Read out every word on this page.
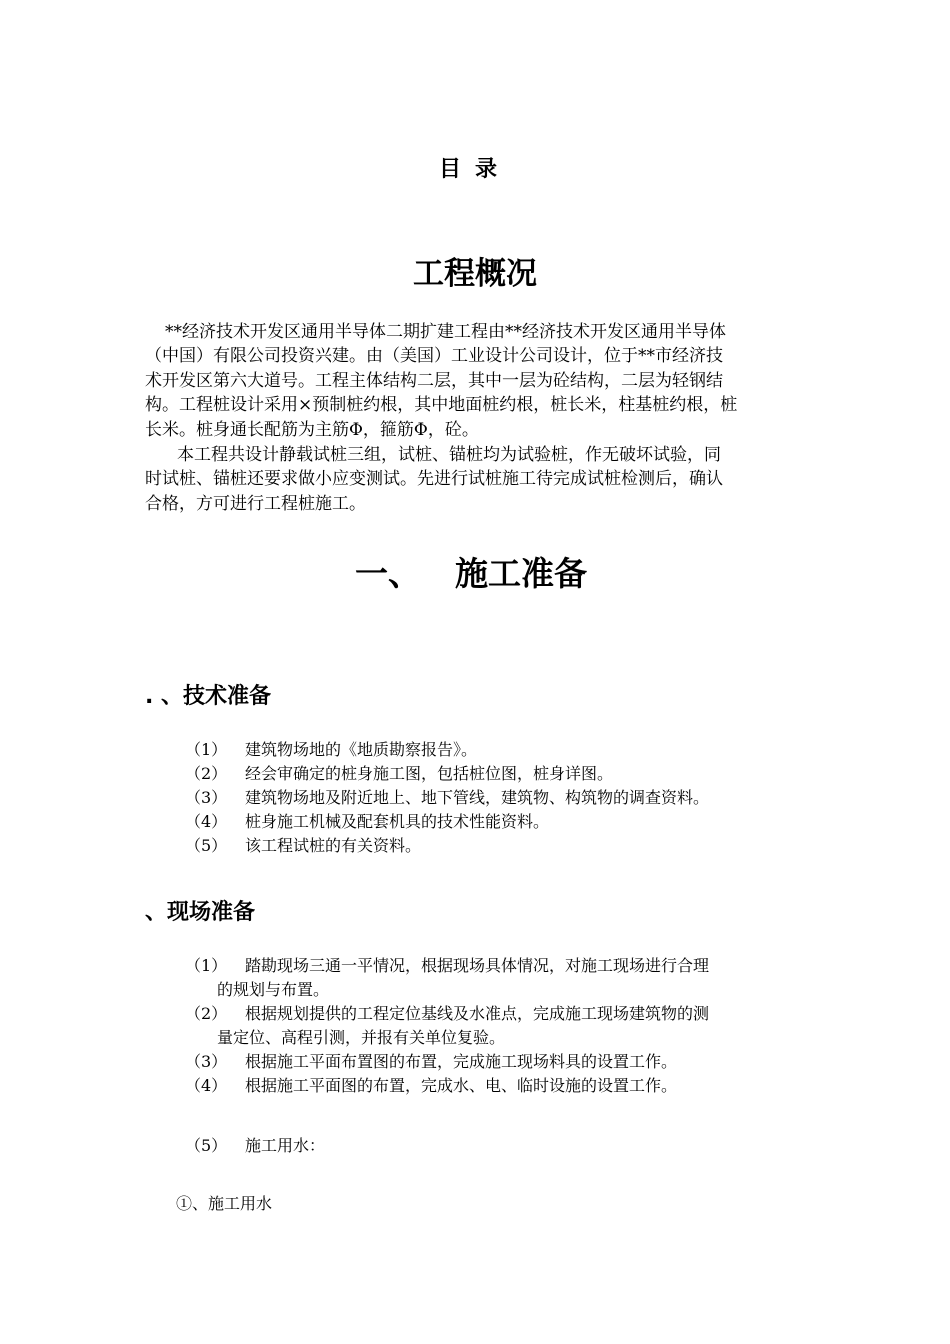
目录
工程概况
**经济技术开发区通用半导体二期扩建工程由**经济技术开发区通用半导体
（中国）有限公司投资兴建。由（美国）工业设计公司设计，位于**市经济技
术开发区第六大道号。工程主体结构二层，其中一层为砼结构，二层为轻钢结
构。工程桩设计采用×预制桩约根，其中地面桩约根，桩长米，柱基桩约根，桩
长米。桩身通长配筋为主筋Φ，箍筋Φ，砼。
本工程共设计静载试桩三组，试桩、锚桩均为试验桩，作无破坏试验，同
时试桩、锚桩还要求做小应变测试。先进行试桩施工待完成试桩检测后，确认
合格，方可进行工程桩施工。
一、 施工准备
. 、技术准备
（1） 建筑物场地的《地质勘察报告》。
（2） 经会审确定的桩身施工图，包括桩位图，桩身详图。
（3） 建筑物场地及附近地上、地下管线，建筑物、构筑物的调查资料。
（4） 桩身施工机械及配套机具的技术性能资料。
（5） 该工程试桩的有关资料。
、现场准备
（1） 踏勘现场三通一平情况，根据现场具体情况，对施工现场进行合理
的规划与布置。
（2） 根据规划提供的工程定位基线及水准点，完成施工现场建筑物的测
量定位、高程引测，并报有关单位复验。
（3） 根据施工平面布置图的布置，完成施工现场料具的设置工作。
（4） 根据施工平面图的布置，完成水、电、临时设施的设置工作。
（5） 施工用水：
①、施工用水
